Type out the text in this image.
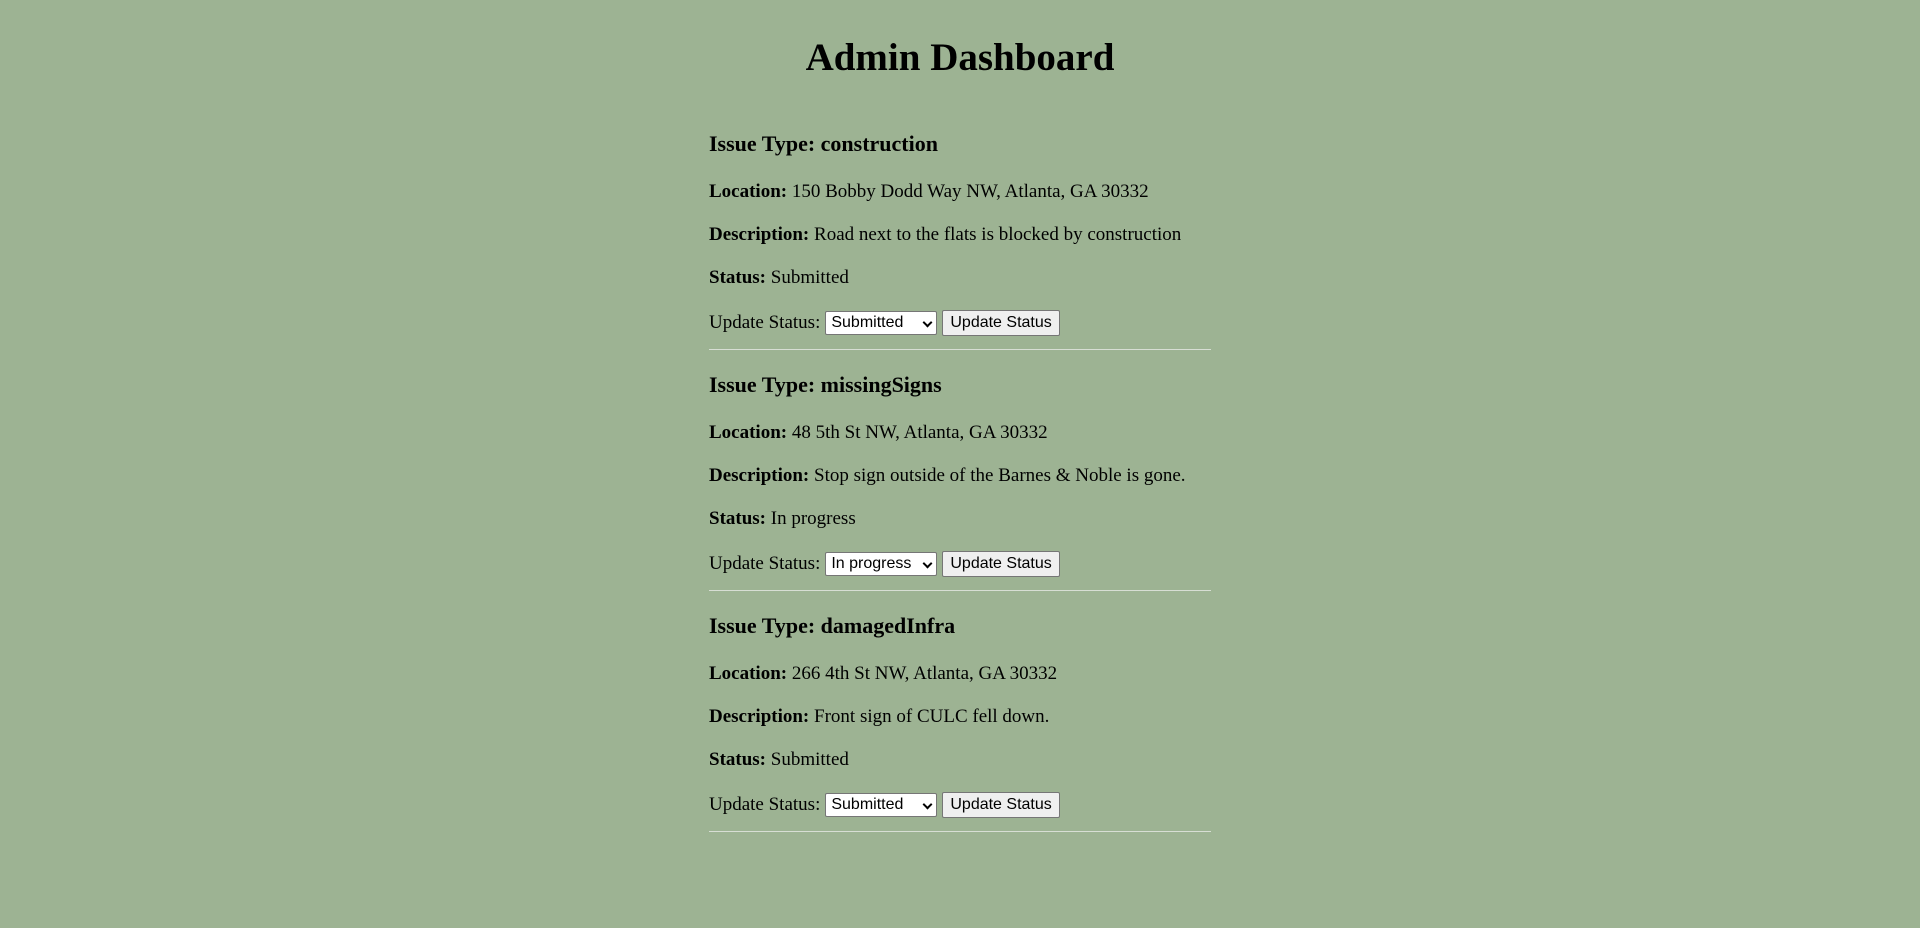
Admin Dashboard
Issue Type: construction

Location: 150 Bobby Dodd Way NW, Atlanta, GA 30332

Description: Road next to the flats is blocked by construction

Status: Submitted

Update Status: Submitted	Update Status
Issue Type: missingSigns

Location: 48 5th St NW, Atlanta, GA 30332

Description: Stop sign outside of the Barnes & Noble is gone.

Status: In progress

Update Status: In progress	Update Status
Issue Type: damagedInfra

Location: 266 4th St NW, Atlanta, GA 30332

Description: Front sign of CULC fell down.

Status: Submitted

Update Status: Submitted	Update Status
